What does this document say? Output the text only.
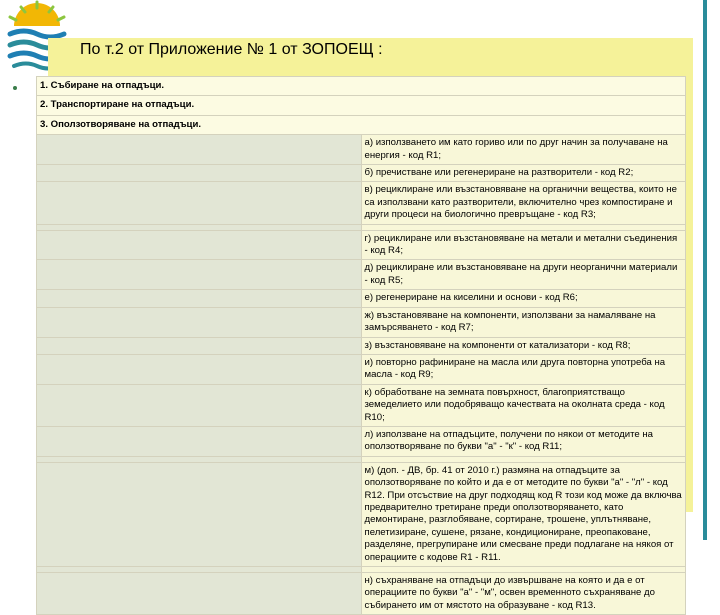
По т.2 от Приложение № 1 от ЗОПОЕЩ :
1. Събиране на отпадъци.	
2. Транспортиране на отпадъци.	
3. Оползотворяване на отпадъци.	
	а) използването им като гориво или по друг начин за получаване на енергия - код R1;
	б) пречистване или регенериране на разтворители - код R2;
	в) рециклиране или възстановяване на органични вещества, които не са използвани като разтворители, включително чрез компостиране и други процеси на биологично превръщане - код R3;

	г) рециклиране или възстановяване на метали и метални съединения - код R4;
	д) рециклиране или възстановяване на други неорганични материали - код R5;
	е) регенериране на киселини и основи - код R6;
	ж) възстановяване на компоненти, използвани за намаляване на замърсяването - код R7;
	з) възстановяване на компоненти от катализатори - код R8;
	и) повторно рафиниране на масла или друга повторна употреба на масла - код R9;
	к) обработване на земната повърхност, благоприятстващо земеделието или подобряващо качествата на околната среда - код R10;
	л) използване на отпадъците, получени по някои от методите на оползотворяване по букви "а" - "к" - код R11;

	м) (доп. - ДВ, бр. 41 от 2010 г.) размяна на отпадъците за оползотворяване по който и да е от методите по букви "а" - "л" - код R12. При отсъствие на друг подходящ код R този код може да включва предварително третиране преди оползотворяването, като демонтиране, разглобяване, сортиране, трошене, уплътняване, пелетизиране, сушене, рязане, кондициониране, преопаковане, разделяне, прегрупиране или смесване преди подлагане на някоя от операциите с кодове R1 - R11.

	н) съхраняване на отпадъци до извършване на която и да е от операциите по букви "а" - "м", освен временното съхраняване до събирането им от мястото на образуване - код R13.
